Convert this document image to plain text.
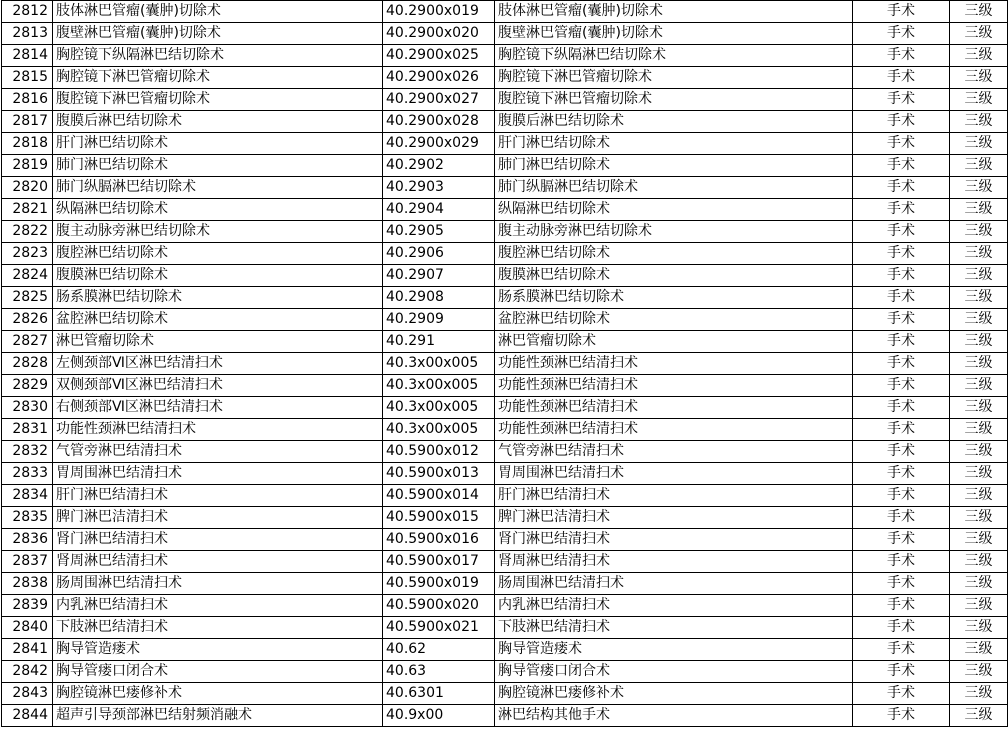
2812	肢体淋巴管瘤(囊肿)切除术	40.2900x019	肢体淋巴管瘤(囊肿)切除术	手术	三级
2813	腹壁淋巴管瘤(囊肿)切除术	40.2900x020	腹壁淋巴管瘤(囊肿)切除术	手术	三级
2814	胸腔镜下纵隔淋巴结切除术	40.2900x025	胸腔镜下纵隔淋巴结切除术	手术	三级
2815	胸腔镜下淋巴管瘤切除术	40.2900x026	胸腔镜下淋巴管瘤切除术	手术	三级
2816	腹腔镜下淋巴管瘤切除术	40.2900x027	腹腔镜下淋巴管瘤切除术	手术	三级
2817	腹膜后淋巴结切除术	40.2900x028	腹膜后淋巴结切除术	手术	三级
2818	肝门淋巴结切除术	40.2900x029	肝门淋巴结切除术	手术	三级
2819	肺门淋巴结切除术	40.2902	肺门淋巴结切除术	手术	三级
2820	肺门纵膈淋巴结切除术	40.2903	肺门纵膈淋巴结切除术	手术	三级
2821	纵隔淋巴结切除术	40.2904	纵隔淋巴结切除术	手术	三级
2822	腹主动脉旁淋巴结切除术	40.2905	腹主动脉旁淋巴结切除术	手术	三级
2823	腹腔淋巴结切除术	40.2906	腹腔淋巴结切除术	手术	三级
2824	腹膜淋巴结切除术	40.2907	腹膜淋巴结切除术	手术	三级
2825	肠系膜淋巴结切除术	40.2908	肠系膜淋巴结切除术	手术	三级
2826	盆腔淋巴结切除术	40.2909	盆腔淋巴结切除术	手术	三级
2827	淋巴管瘤切除术	40.291	淋巴管瘤切除术	手术	三级
2828	左侧颈部Ⅵ区淋巴结清扫术	40.3x00x005	功能性颈淋巴结清扫术	手术	三级
2829	双侧颈部Ⅵ区淋巴结清扫术	40.3x00x005	功能性颈淋巴结清扫术	手术	三级
2830	右侧颈部Ⅵ区淋巴结清扫术	40.3x00x005	功能性颈淋巴结清扫术	手术	三级
2831	功能性颈淋巴结清扫术	40.3x00x005	功能性颈淋巴结清扫术	手术	三级
2832	气管旁淋巴结清扫术	40.5900x012	气管旁淋巴结清扫术	手术	三级
2833	胃周围淋巴结清扫术	40.5900x013	胃周围淋巴结清扫术	手术	三级
2834	肝门淋巴结清扫术	40.5900x014	肝门淋巴结清扫术	手术	三级
2835	脾门淋巴洁清扫术	40.5900x015	脾门淋巴洁清扫术	手术	三级
2836	肾门淋巴结清扫术	40.5900x016	肾门淋巴结清扫术	手术	三级
2837	肾周淋巴结清扫术	40.5900x017	肾周淋巴结清扫术	手术	三级
2838	肠周围淋巴结清扫术	40.5900x019	肠周围淋巴结清扫术	手术	三级
2839	内乳淋巴结清扫术	40.5900x020	内乳淋巴结清扫术	手术	三级
2840	下肢淋巴结清扫术	40.5900x021	下肢淋巴结清扫术	手术	三级
2841	胸导管造瘘术	40.62	胸导管造瘘术	手术	三级
2842	胸导管瘘口闭合术	40.63	胸导管瘘口闭合术	手术	三级
2843	胸腔镜淋巴瘘修补术	40.6301	胸腔镜淋巴瘘修补术	手术	三级
2844	超声引导颈部淋巴结射频消融术	40.9x00	淋巴结构其他手术	手术	三级
